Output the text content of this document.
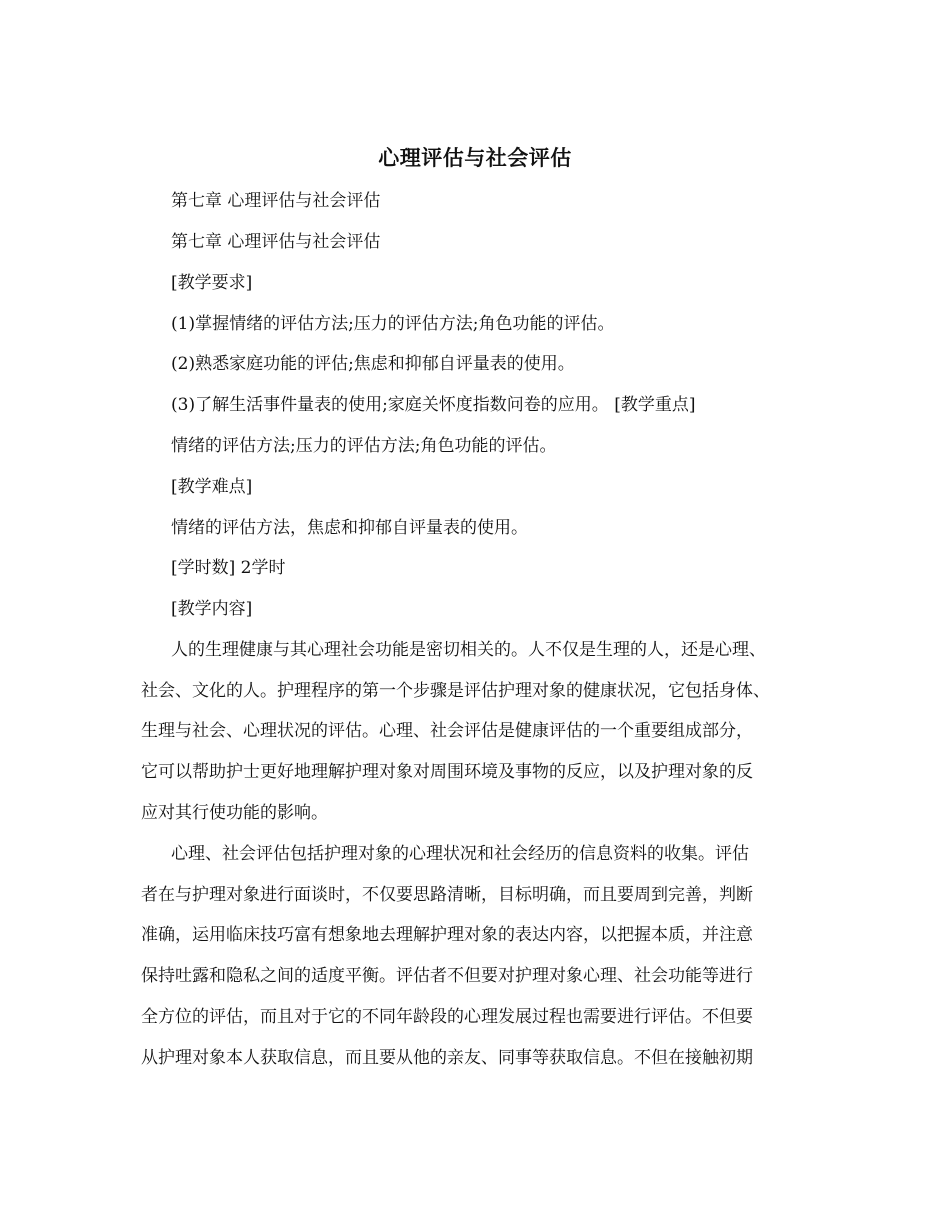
心理评估与社会评估
第七章 心理评估与社会评估
第七章 心理评估与社会评估
[教学要求]
(1)掌握情绪的评估方法;压力的评估方法;角色功能的评估。
(2)熟悉家庭功能的评估;焦虑和抑郁自评量表的使用。
(3)了解生活事件量表的使用;家庭关怀度指数问卷的应用。 [教学重点]
情绪的评估方法;压力的评估方法;角色功能的评估。
[教学难点]
情绪的评估方法，焦虑和抑郁自评量表的使用。
[学时数] 2学时
[教学内容]
人的生理健康与其心理社会功能是密切相关的。人不仅是生理的人，还是心理、
社会、文化的人。护理程序的第一个步骤是评估护理对象的健康状况，它包括身体、
生理与社会、心理状况的评估。心理、社会评估是健康评估的一个重要组成部分，
它可以帮助护士更好地理解护理对象对周围环境及事物的反应，以及护理对象的反
应对其行使功能的影响。
心理、社会评估包括护理对象的心理状况和社会经历的信息资料的收集。评估
者在与护理对象进行面谈时，不仅要思路清晰，目标明确，而且要周到完善，判断
准确，运用临床技巧富有想象地去理解护理对象的表达内容，以把握本质，并注意
保持吐露和隐私之间的适度平衡。评估者不但要对护理对象心理、社会功能等进行
全方位的评估，而且对于它的不同年龄段的心理发展过程也需要进行评估。不但要
从护理对象本人获取信息，而且要从他的亲友、同事等获取信息。不但在接触初期
